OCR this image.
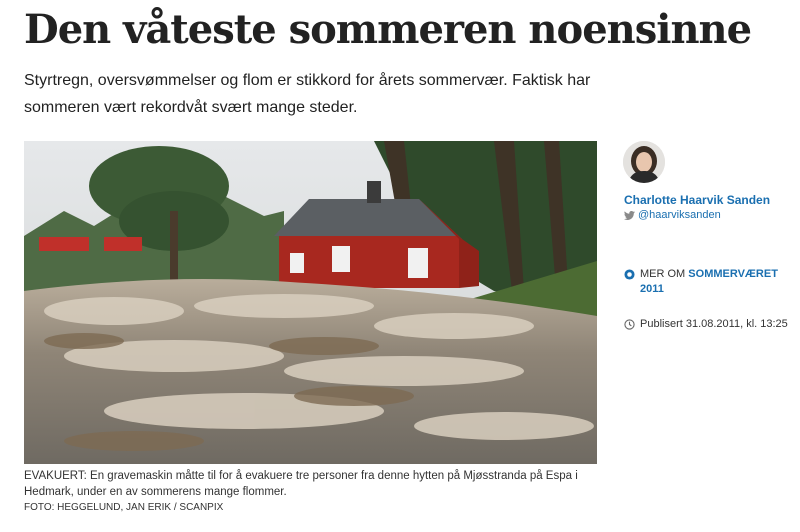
Den våteste sommeren noensinne

Styrtregn, oversvømmelser og flom er stikkord for årets sommervær. Faktisk har sommeren vært rekordvåt svært mange steder.

EVAKUERT: En gravemaskin måtte til for å evakuere tre personer fra denne hytten på Mjøsstranda på Espa i Hedmark, under en av sommerens mange flommer.

FOTO: HEGGELUND, JAN ERIK / SCANPIX

Charlotte Haarvik Sanden
@haarviksanden
MER OM SOMMERVÆRET 2011
Publisert 31.08.2011, kl. 13:25
